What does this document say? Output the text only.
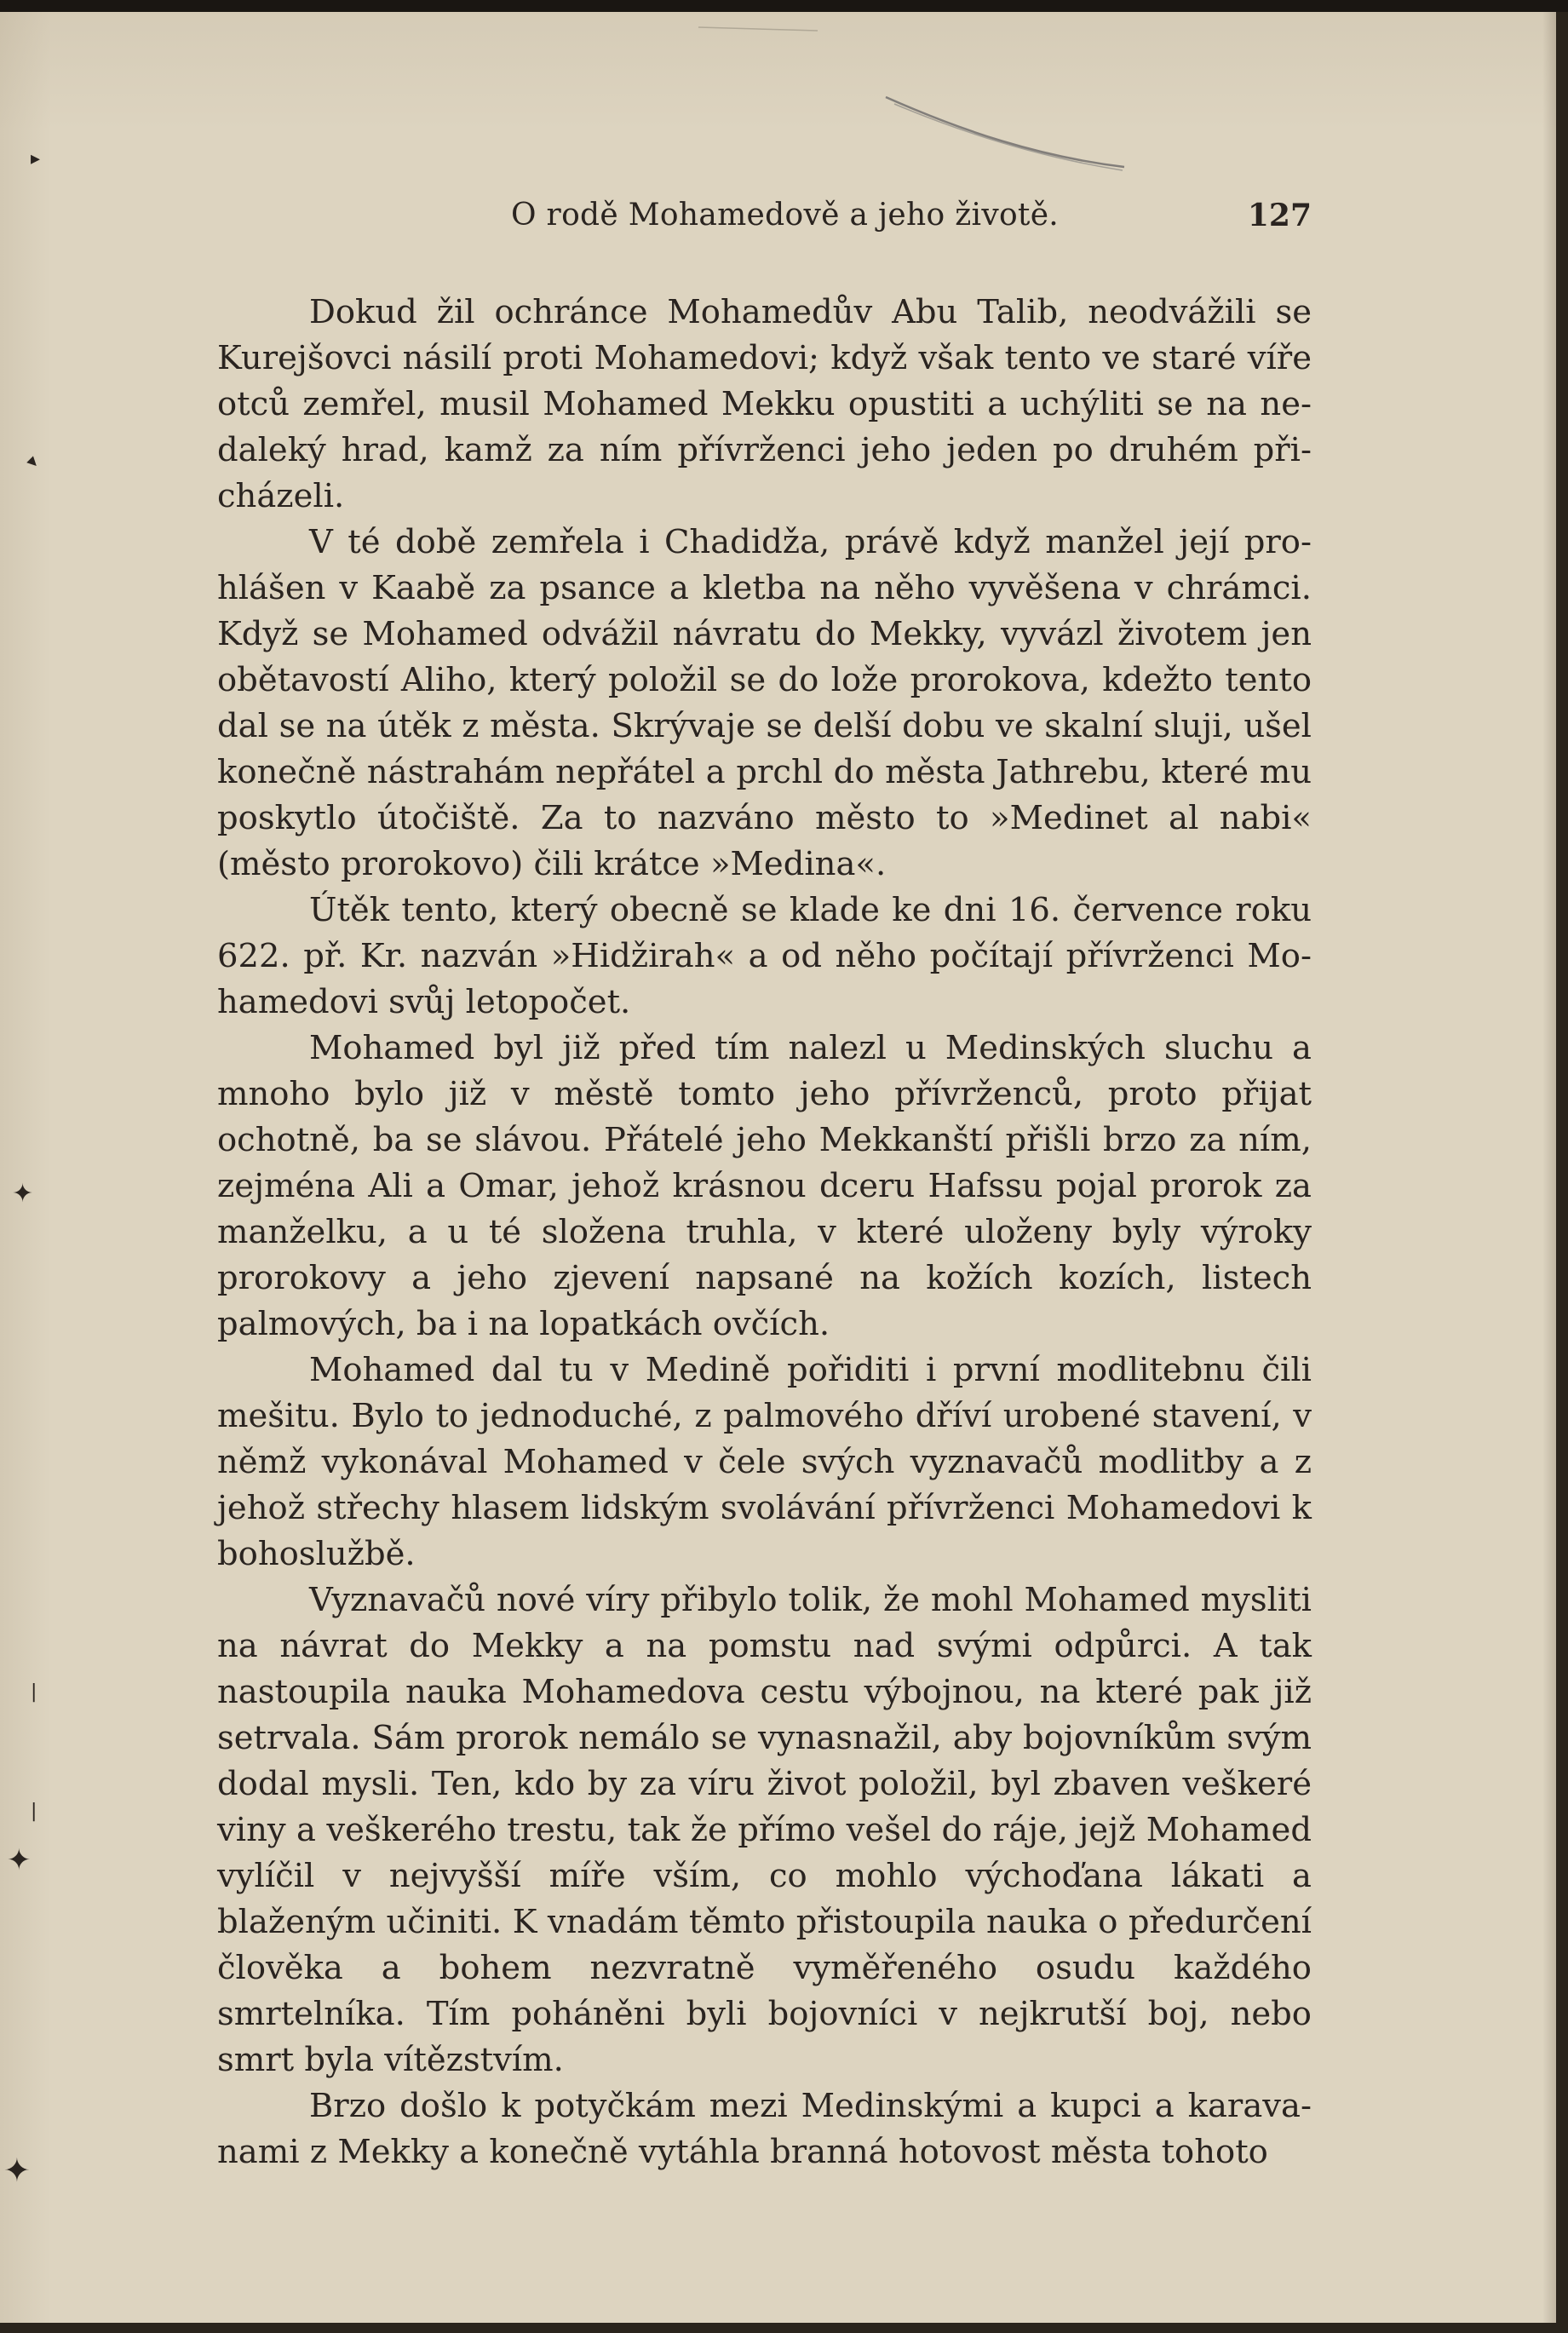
▸
▸
✦
|
|
✦
✦
O rodě Mohamedově a jeho životě.	127

Dokud žil ochránce Mohamedův Abu Talib, neodvážili se Kurejšovci násilí proti Mohamedovi; když však tento ve staré víře otců zemřel, musil Mohamed Mekku opustiti a uchýliti se na nedaleký hrad, kamž za ním přívrženci jeho jeden po druhém přicházeli.

V té době zemřela i Chadidža, právě když manžel její prohlášen v Kaabě za psance a kletba na něho vyvěšena v chrámci. Když se Mohamed odvážil návratu do Mekky, vyvázl životem jen obětavostí Aliho, který položil se do lože prorokova, kdežto tento dal se na útěk z města. Skrývaje se delší dobu ve skalní sluji, ušel konečně nástrahám nepřátel a prchl do města Jathrebu, které mu poskytlo útočiště. Za to nazváno město to »Medinet al nabi« (město prorokovo) čili krátce »Medina«.

Útěk tento, který obecně se klade ke dni 16. července roku 622. př. Kr. nazván »Hidžirah« a od něho počítají přívrženci Mohamedovi svůj letopočet.

Mohamed byl již před tím nalezl u Medinských sluchu a mnoho bylo již v městě tomto jeho přívrženců, proto přijat ochotně, ba se slávou. Přátelé jeho Mekkanští přišli brzo za ním, zejména Ali a Omar, jehož krásnou dceru Hafssu pojal prorok za manželku, a u té složena truhla, v které uloženy byly výroky prorokovy a jeho zjevení napsané na kožích kozích, listech palmových, ba i na lopatkách ovčích.

Mohamed dal tu v Medině pořiditi i první modlitebnu čili mešitu. Bylo to jednoduché, z palmového dříví urobené stavení, v němž vykonával Mohamed v čele svých vyznavačů modlitby a z jehož střechy hlasem lidským svolávání přívrženci Mohamedovi k bohoslužbě.

Vyznavačů nové víry přibylo tolik, že mohl Mohamed mysliti na návrat do Mekky a na pomstu nad svými odpůrci. A tak nastoupila nauka Mohamedova cestu výbojnou, na které pak již setrvala. Sám prorok nemálo se vynasnažil, aby bojovníkům svým dodal mysli. Ten, kdo by za víru život položil, byl zbaven veškeré viny a veškerého trestu, tak že přímo vešel do ráje, jejž Mohamed vylíčil v nejvyšší míře vším, co mohlo výchoďana lákati a blaženým učiniti. K vnadám těmto přistoupila nauka o předurčení člověka a bohem nezvratně vyměřeného osudu každého smrtelníka. Tím poháněni byli bojovníci v nejkrutší boj, nebo smrt byla vítězstvím.

Brzo došlo k potyčkám mezi Medinskými a kupci a karavanami z Mekky a konečně vytáhla branná hotovost města tohoto
